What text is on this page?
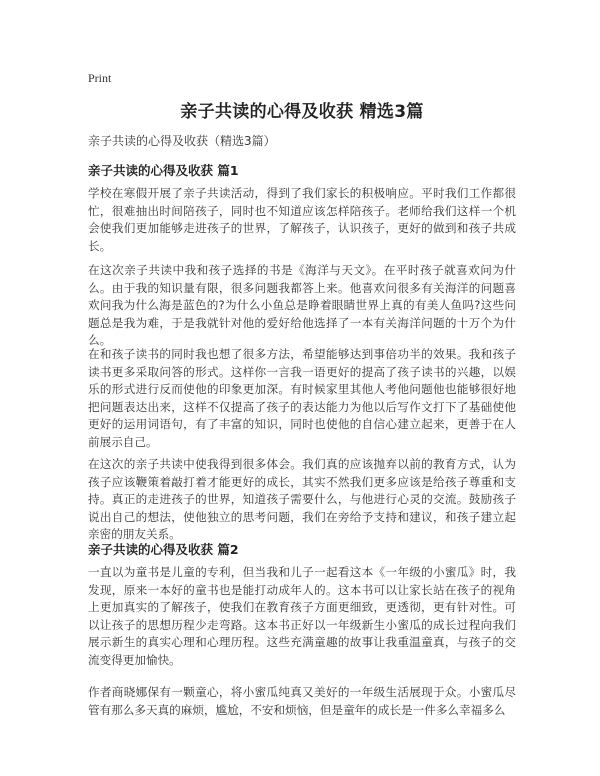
Print
亲子共读的心得及收获 精选3篇
亲子共读的心得及收获（精选3篇）
亲子共读的心得及收获 篇1
学校在寒假开展了亲子共读活动，得到了我们家长的积极响应。平时我们工作都很忙，很难抽出时间陪孩子，同时也不知道应该怎样陪孩子。老师给我们这样一个机会使我们更加能够走进孩子的世界，了解孩子，认识孩子，更好的做到和孩子共成长。
在这次亲子共读中我和孩子选择的书是《海洋与天文》。在平时孩子就喜欢问为什么。由于我的知识量有限，很多问题我都答上来。他喜欢问很多有关海洋的问题喜欢问我为什么海是蓝色的?为什么小鱼总是睁着眼睛世界上真的有美人鱼吗?这些问题总是我为难，于是我就针对他的爱好给他选择了一本有关海洋问题的十万个为什么。
在和孩子读书的同时我也想了很多方法，希望能够达到事倍功半的效果。我和孩子读书更多采取问答的形式。这样你一言我一语更好的提高了孩子读书的兴趣，以娱乐的形式进行反而使他的印象更加深。有时候家里其他人考他问题他也能够很好地把问题表达出来，这样不仅提高了孩子的表达能力为他以后写作文打下了基础使他更好的运用词语句，有了丰富的知识，同时也使他的自信心建立起来，更善于在人前展示自己。
在这次的亲子共读中使我得到很多体会。我们真的应该抛弃以前的教育方式，认为孩子应该鞭策着敲打着才能更好的成长，其实不然我们更多应该是给孩子尊重和支持。真正的走进孩子的世界，知道孩子需要什么，与他进行心灵的交流。鼓励孩子说出自己的想法，使他独立的思考问题，我们在旁给予支持和建议，和孩子建立起亲密的朋友关系。
亲子共读的心得及收获 篇2
一直以为童书是儿童的专利，但当我和儿子一起看这本《一年级的小蜜瓜》时，我发现，原来一本好的童书也是能打动成年人的。这本书可以让家长站在孩子的视角上更加真实的了解孩子，使我们在教育孩子方面更细致，更透彻，更有针对性。可以让孩子的思想历程少走弯路。这本书正好以一年级新生小蜜瓜的成长过程向我们展示新生的真实心理和心理历程。这些充满童趣的故事让我重温童真，与孩子的交流变得更加愉快。
作者商晓娜保有一颗童心，将小蜜瓜纯真又美好的一年级生活展现于众。小蜜瓜尽管有那么多天真的麻烦，尴尬，不安和烦恼，但是童年的成长是一件多么幸福多么
